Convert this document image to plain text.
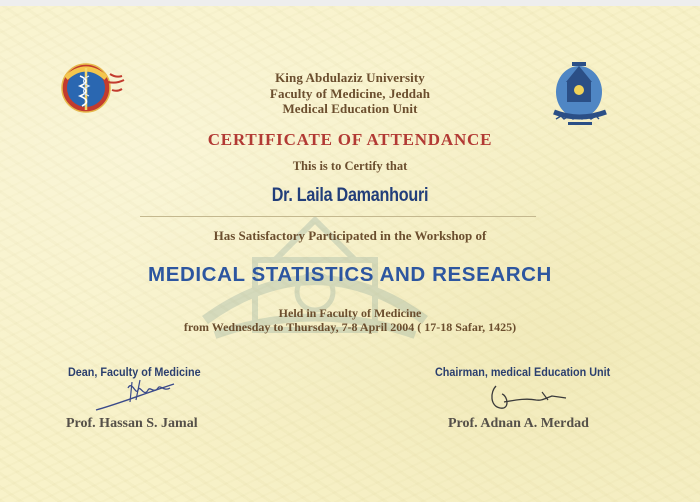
King Abdulaziz University
Faculty of Medicine, Jeddah
Medical Education Unit
CERTIFICATE OF ATTENDANCE
This is to Certify that
Dr. Laila Damanhouri
Has Satisfactory Participated in the Workshop of
MEDICAL STATISTICS AND RESEARCH
Held in Faculty of Medicine
from Wednesday to Thursday, 7-8 April 2004 ( 17-18 Safar, 1425)
Dean, Faculty of Medicine	Chairman, medical Education Unit
Prof. Hassan S. Jamal	Prof. Adnan A. Merdad
